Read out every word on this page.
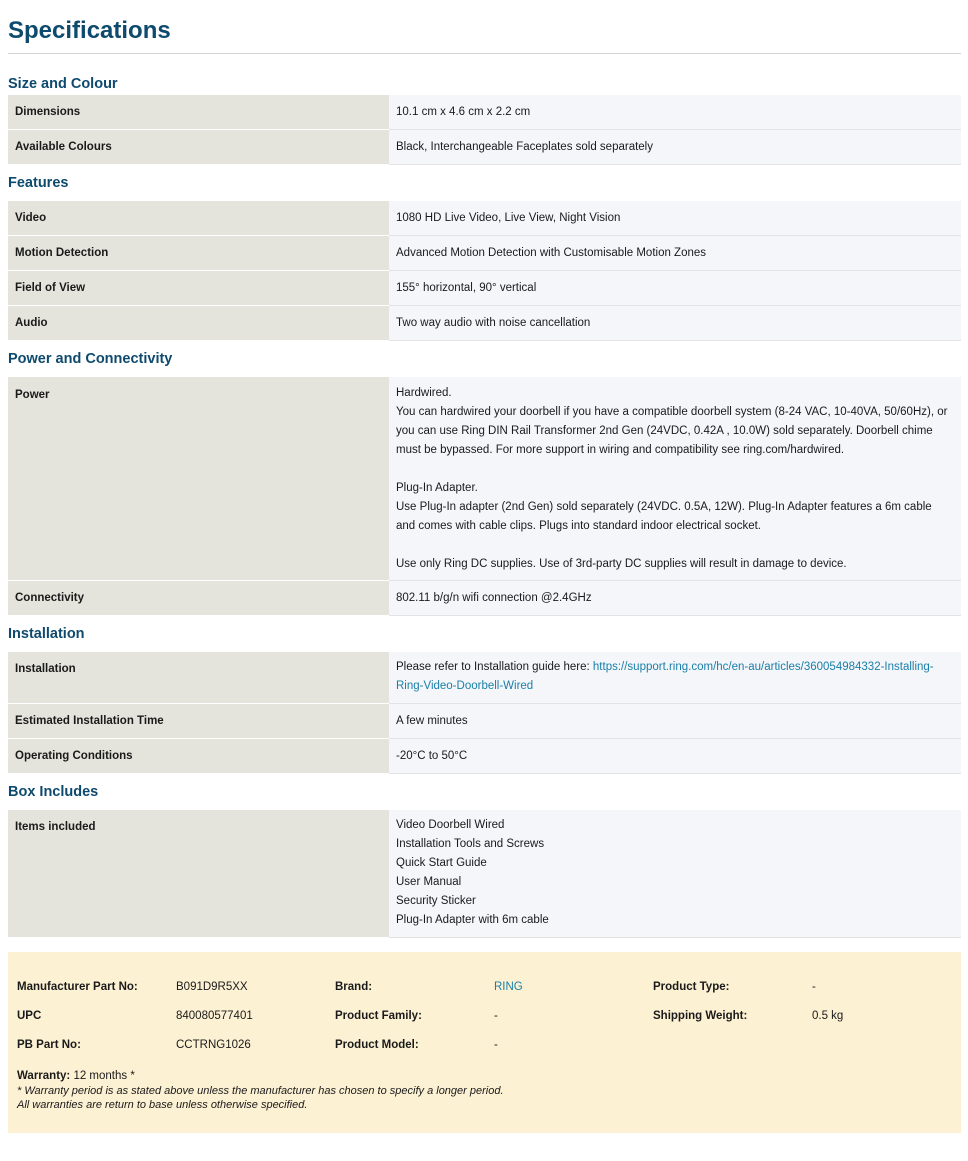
Specifications
Size and Colour
Dimensions	10.1 cm x 4.6 cm x 2.2 cm
Available Colours	Black, Interchangeable Faceplates sold separately
Features
Video	1080 HD Live Video, Live View, Night Vision
Motion Detection	Advanced Motion Detection with Customisable Motion Zones
Field of View	155° horizontal, 90° vertical
Audio	Two way audio with noise cancellation
Power and Connectivity
Power	Hardwired.
You can hardwired your doorbell if you have a compatible doorbell system (8-24 VAC, 10-40VA, 50/60Hz), or you can use Ring DIN Rail Transformer 2nd Gen (24VDC, 0.42A , 10.0W) sold separately. Doorbell chime must be bypassed. For more support in wiring and compatibility see ring.com/hardwired.
Plug-In Adapter.
Use Plug-In adapter (2nd Gen) sold separately (24VDC. 0.5A, 12W). Plug-In Adapter features a 6m cable and comes with cable clips. Plugs into standard indoor electrical socket.
Use only Ring DC supplies. Use of 3rd-party DC supplies will result in damage to device.

Connectivity	802.11 b/g/n wifi connection @2.4GHz
Installation
Installation	Please refer to Installation guide here: https://support.ring.com/hc/en-au/articles/360054984332-Installing-Ring-Video-Doorbell-Wired
Estimated Installation Time	A few minutes
Operating Conditions	-20°C to 50°C
Box Includes
Items included	Video Doorbell Wired
Installation Tools and Screws
Quick Start Guide
User Manual
Security Sticker
Plug-In Adapter with 6m cable
Manufacturer Part No:	B091D9R5XX	Brand:	RING	Product Type:	-
UPC	840080577401	Product Family:	-	Shipping Weight:	0.5 kg
PB Part No:	CCTRNG1026	Product Model:	-
Warranty: 12 months *
* Warranty period is as stated above unless the manufacturer has chosen to specify a longer period.
All warranties are return to base unless otherwise specified.
